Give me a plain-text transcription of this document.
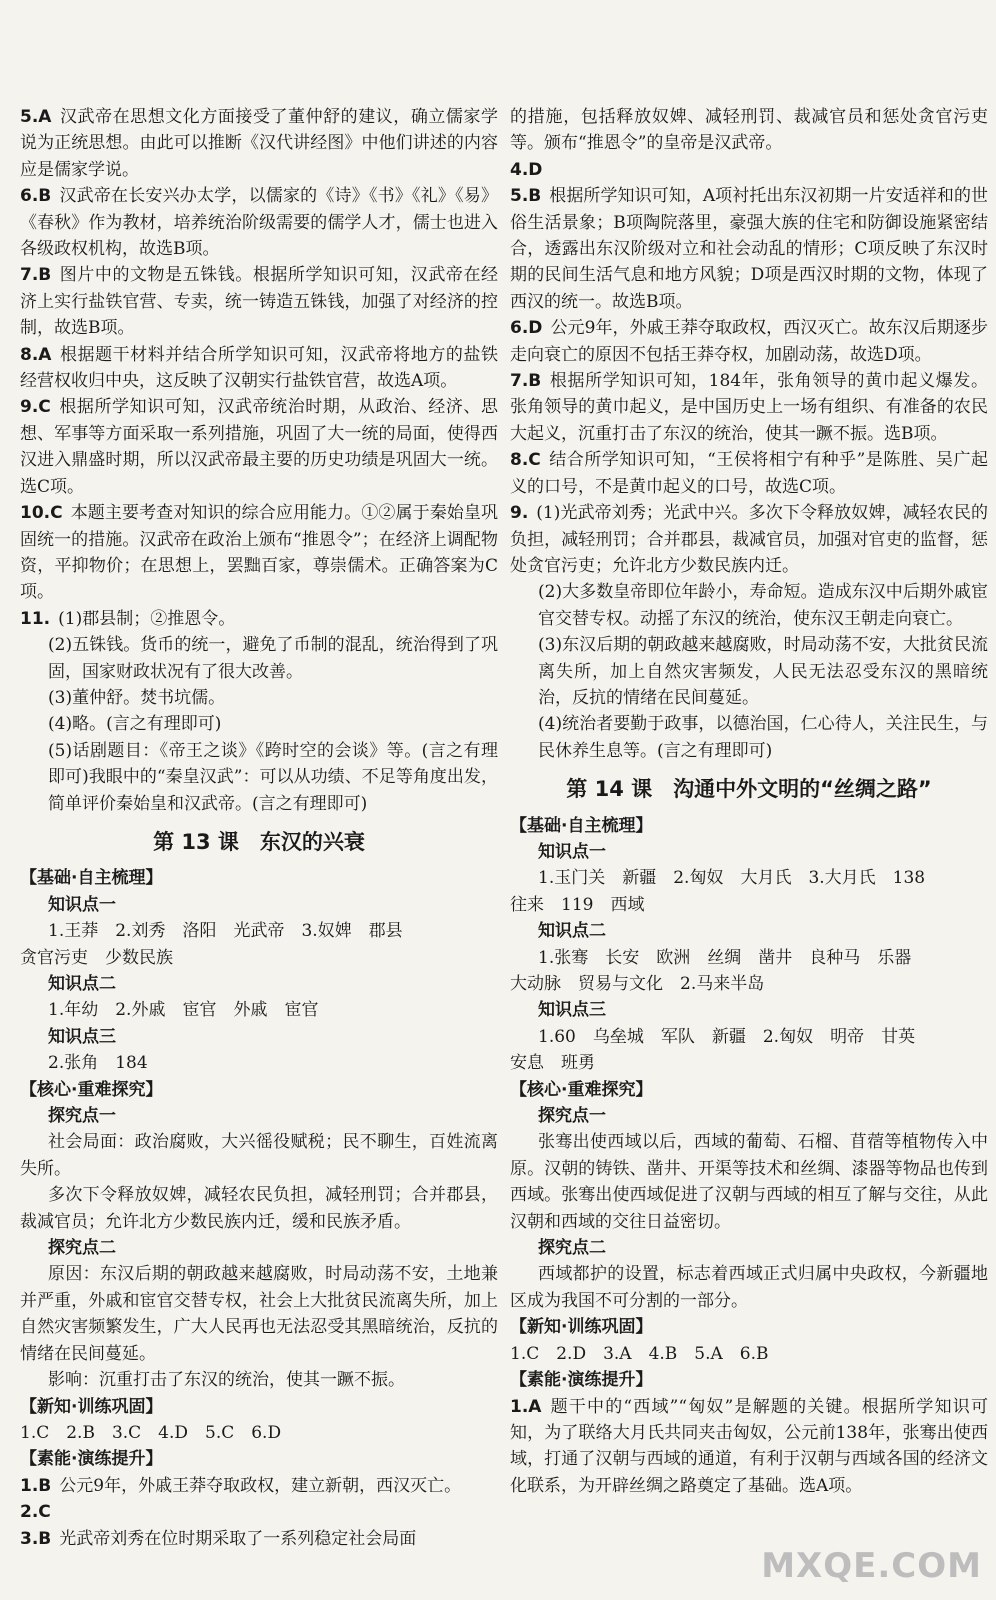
5.A 汉武帝在思想文化方面接受了董仲舒的建议，确立儒家学说为正统思想。由此可以推断《汉代讲经图》中他们讲述的内容应是儒家学说。

6.B 汉武帝在长安兴办太学，以儒家的《诗》《书》《礼》《易》《春秋》作为教材，培养统治阶级需要的儒学人才，儒士也进入各级政权机构，故选B项。

7.B 图片中的文物是五铢钱。根据所学知识可知，汉武帝在经济上实行盐铁官营、专卖，统一铸造五铢钱，加强了对经济的控制，故选B项。

8.A 根据题干材料并结合所学知识可知，汉武帝将地方的盐铁经营权收归中央，这反映了汉朝实行盐铁官营，故选A项。

9.C 根据所学知识可知，汉武帝统治时期，从政治、经济、思想、军事等方面采取一系列措施，巩固了大一统的局面，使得西汉进入鼎盛时期，所以汉武帝最主要的历史功绩是巩固大一统。选C项。

10.C 本题主要考查对知识的综合应用能力。①②属于秦始皇巩固统一的措施。汉武帝在政治上颁布“推恩令”；在经济上调配物资，平抑物价；在思想上，罢黜百家，尊崇儒术。正确答案为C项。

11. (1)郡县制；②推恩令。

(2)五铢钱。货币的统一，避免了币制的混乱，统治得到了巩固，国家财政状况有了很大改善。

(3)董仲舒。焚书坑儒。

(4)略。(言之有理即可)

(5)话剧题目：《帝王之谈》《跨时空的会谈》等。(言之有理即可)我眼中的“秦皇汉武”：可以从功绩、不足等角度出发，简单评价秦始皇和汉武帝。(言之有理即可)

第 13 课　东汉的兴衰

【基础·自主梳理】

知识点一

1.王莽　2.刘秀　洛阳　光武帝　3.奴婢　郡县

贪官污吏　少数民族

知识点二

1.年幼　2.外戚　宦官　外戚　宦官

知识点三

2.张角　184

【核心·重难探究】

探究点一

社会局面：政治腐败，大兴徭役赋税；民不聊生，百姓流离失所。

多次下令释放奴婢，减轻农民负担，减轻刑罚；合并郡县，裁减官员；允许北方少数民族内迁，缓和民族矛盾。

探究点二

原因：东汉后期的朝政越来越腐败，时局动荡不安，土地兼并严重，外戚和宦官交替专权，社会上大批贫民流离失所，加上自然灾害频繁发生，广大人民再也无法忍受其黑暗统治，反抗的情绪在民间蔓延。

影响：沉重打击了东汉的统治，使其一蹶不振。

【新知·训练巩固】

1.C　2.B　3.C　4.D　5.C　6.D

【素能·演练提升】

1.B 公元9年，外戚王莽夺取政权，建立新朝，西汉灭亡。

2.C

3.B 光武帝刘秀在位时期采取了一系列稳定社会局面

的措施，包括释放奴婢、减轻刑罚、裁减官员和惩处贪官污吏等。颁布“推恩令”的皇帝是汉武帝。

4.D

5.B 根据所学知识可知，A项衬托出东汉初期一片安适祥和的世俗生活景象；B项陶院落里，豪强大族的住宅和防御设施紧密结合，透露出东汉阶级对立和社会动乱的情形；C项反映了东汉时期的民间生活气息和地方风貌；D项是西汉时期的文物，体现了西汉的统一。故选B项。

6.D 公元9年，外戚王莽夺取政权，西汉灭亡。故东汉后期逐步走向衰亡的原因不包括王莽夺权，加剧动荡，故选D项。

7.B 根据所学知识可知，184年，张角领导的黄巾起义爆发。张角领导的黄巾起义，是中国历史上一场有组织、有准备的农民大起义，沉重打击了东汉的统治，使其一蹶不振。选B项。

8.C 结合所学知识可知，“王侯将相宁有种乎”是陈胜、吴广起义的口号，不是黄巾起义的口号，故选C项。

9. (1)光武帝刘秀；光武中兴。多次下令释放奴婢，减轻农民的负担，减轻刑罚；合并郡县，裁减官员，加强对官吏的监督，惩处贪官污吏；允许北方少数民族内迁。

(2)大多数皇帝即位年龄小，寿命短。造成东汉中后期外戚宦官交替专权。动摇了东汉的统治，使东汉王朝走向衰亡。

(3)东汉后期的朝政越来越腐败，时局动荡不安，大批贫民流离失所，加上自然灾害频发，人民无法忍受东汉的黑暗统治，反抗的情绪在民间蔓延。

(4)统治者要勤于政事，以德治国，仁心待人，关注民生，与民休养生息等。(言之有理即可)

第 14 课　沟通中外文明的“丝绸之路”

【基础·自主梳理】

知识点一

1.玉门关　新疆　2.匈奴　大月氏　3.大月氏　138

往来　119　西域

知识点二

1.张骞　长安　欧洲　丝绸　凿井　良种马　乐器

大动脉　贸易与文化　2.马来半岛

知识点三

1.60　乌垒城　军队　新疆　2.匈奴　明帝　甘英

安息　班勇

【核心·重难探究】

探究点一

张骞出使西域以后，西域的葡萄、石榴、苜蓿等植物传入中原。汉朝的铸铁、凿井、开渠等技术和丝绸、漆器等物品也传到西域。张骞出使西域促进了汉朝与西域的相互了解与交往，从此汉朝和西域的交往日益密切。

探究点二

西域都护的设置，标志着西域正式归属中央政权，今新疆地区成为我国不可分割的一部分。

【新知·训练巩固】

1.C　2.D　3.A　4.B　5.A　6.B

【素能·演练提升】

1.A 题干中的“西域”“匈奴”是解题的关键。根据所学知识可知，为了联络大月氏共同夹击匈奴，公元前138年，张骞出使西域，打通了汉朝与西域的通道，有利于汉朝与西域各国的经济文化联系，为开辟丝绸之路奠定了基础。选A项。

MXQE.COM
